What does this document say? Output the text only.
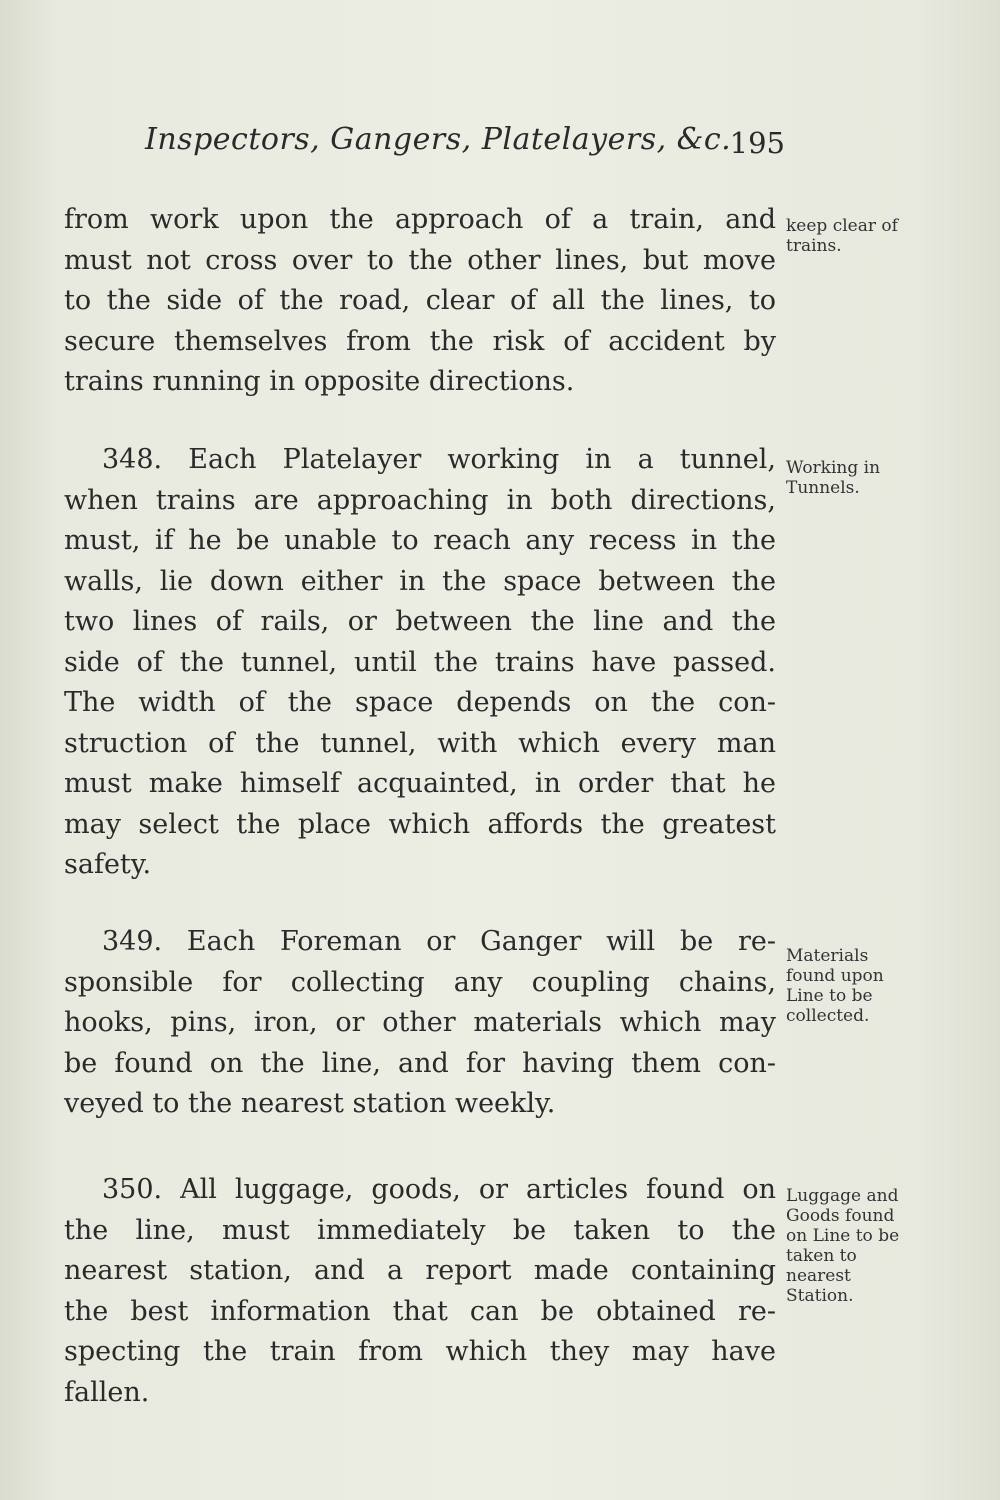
Inspectors, Gangers, Platelayers, &c.
195
from work upon the approach of a train, and
must not cross over to the other lines, but move
to the side of the road, clear of all the lines, to
secure themselves from the risk of accident by
trains running in opposite directions.
keep clear of
trains.
348. Each Platelayer working in a tunnel,
when trains are approaching in both directions,
must, if he be unable to reach any recess in the
walls, lie down either in the space between the
two lines of rails, or between the line and the
side of the tunnel, until the trains have passed.
The width of the space depends on the con-
struction of the tunnel, with which every man
must make himself acquainted, in order that he
may select the place which affords the greatest
safety.
Working in
Tunnels.
349. Each Foreman or Ganger will be re-
sponsible for collecting any coupling chains,
hooks, pins, iron, or other materials which may
be found on the line, and for having them con-
veyed to the nearest station weekly.
Materials
found upon
Line to be
collected.
350. All luggage, goods, or articles found on
the line, must immediately be taken to the
nearest station, and a report made containing
the best information that can be obtained re-
specting the train from which they may have
fallen.
Luggage and
Goods found
on Line to be
taken to
nearest
Station.
